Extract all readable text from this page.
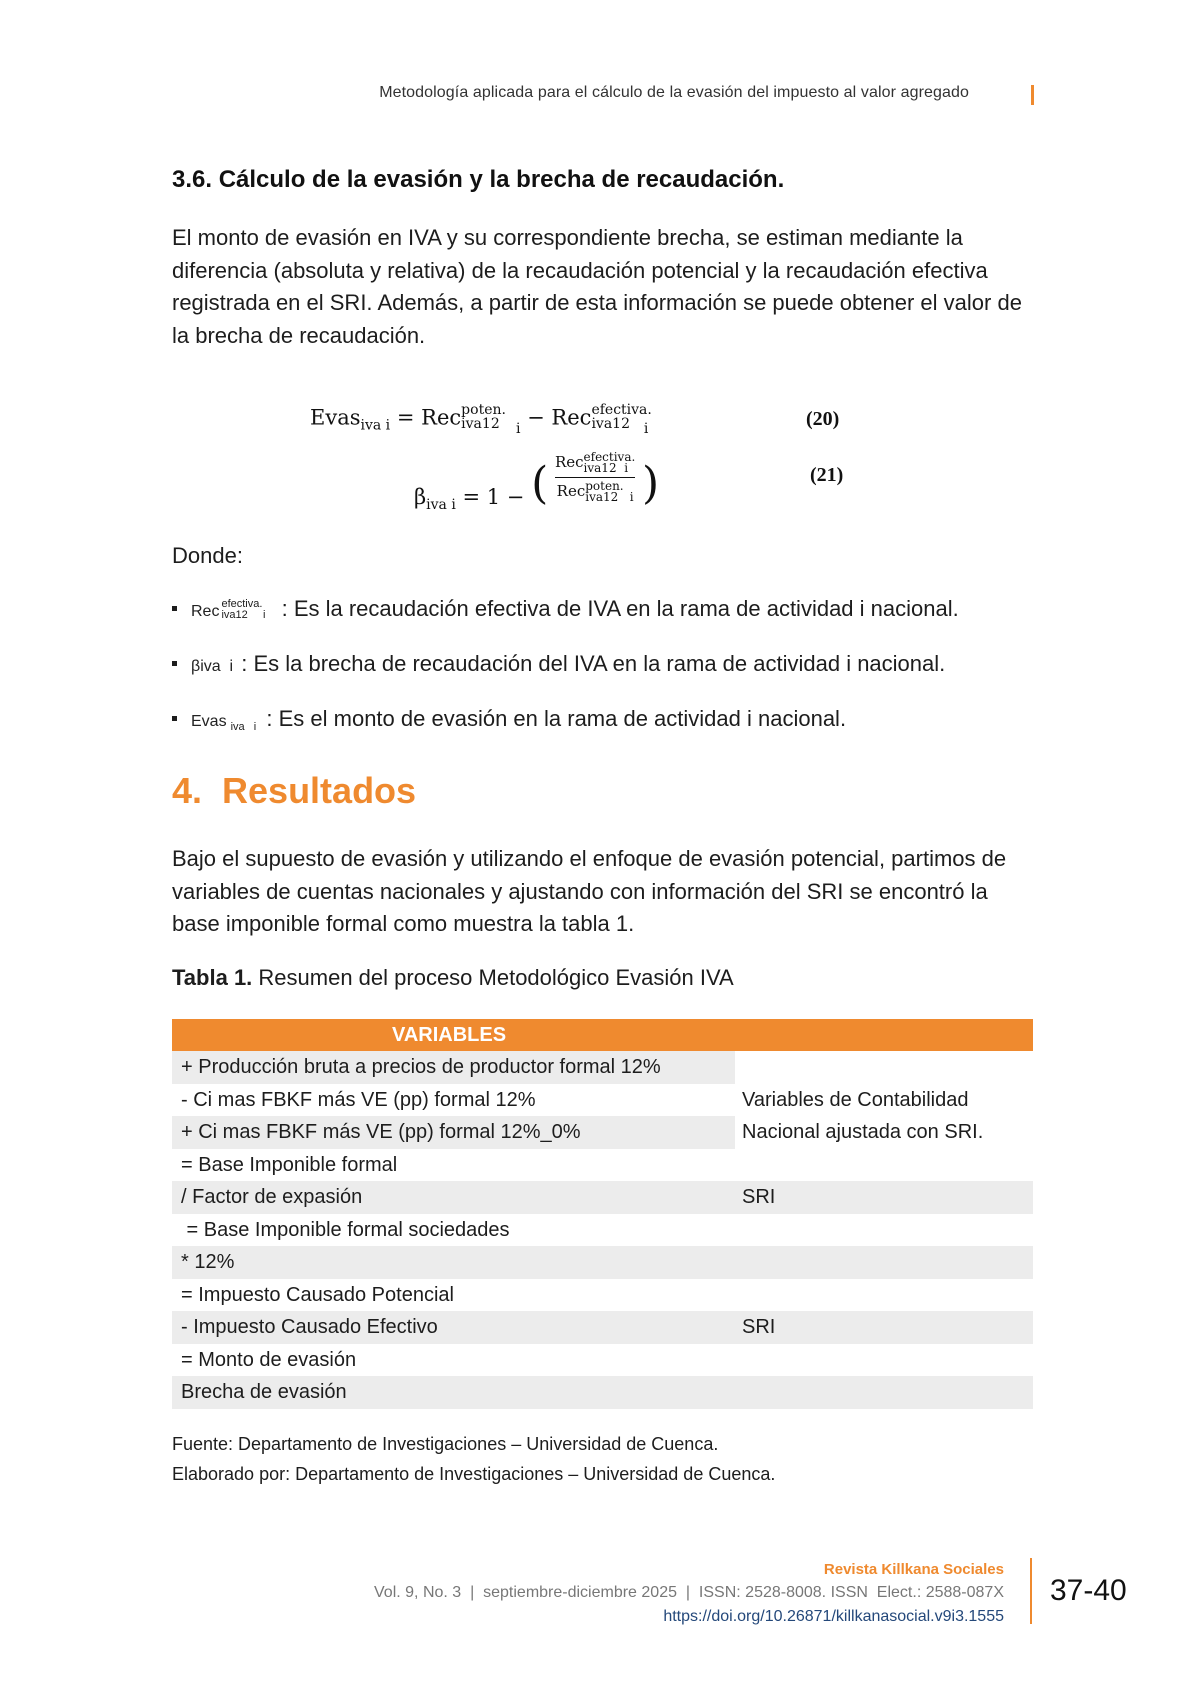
Metodología aplicada para el cálculo de la evasión del impuesto al valor agregado
3.6. Cálculo de la evasión y la brecha de recaudación.
El monto de evasión en IVA y su correspondiente brecha, se estiman mediante la diferencia (absoluta y relativa) de la recaudación potencial y la recaudación efectiva registrada en el SRI. Además, a partir de esta información se puede obtener el valor de la brecha de recaudación.
Evas$_{iva i}$ = Rec poten.
iva12	$_i$ − Rec efectiva.
iva12 $_i$	(20)
$\beta_{iva i} = 1$ − ( Rec efectiva.
iva12 i
Rec poten.
iva12 i )	(21)
Donde:
Rec efectiva.
iva12     i : Es la recaudación efectiva de IVA en la rama de actividad i nacional.
βiva  i : Es la brecha de recaudación del IVA en la rama de actividad i nacional.
Evas iva   i : Es el monto de evasión en la rama de actividad i nacional.
4.  Resultados
Bajo el supuesto de evasión y utilizando el enfoque de evasión potencial, partimos de variables de cuentas nacionales y ajustando con información del SRI se encontró la base imponible formal como muestra la tabla 1.
Tabla 1. Resumen del proceso Metodológico Evasión IVA
VARIABLES
+ Producción bruta a precios de productor formal 12%
- Ci mas FBKF más VE (pp) formal 12%	Variables de Contabilidad
+ Ci mas FBKF más VE (pp) formal 12%_0%	Nacional ajustada con SRI.
= Base Imponible formal
/ Factor de expasión	SRI
= Base Imponible formal sociedades
* 12%
= Impuesto Causado Potencial
- Impuesto Causado Efectivo	SRI
= Monto de evasión
Brecha de evasión
Fuente: Departamento de Investigaciones – Universidad de Cuenca.
Elaborado por: Departamento de Investigaciones – Universidad de Cuenca.
Revista Killkana Sociales
Vol. 9, No. 3  |  septiembre-diciembre 2025  |  ISSN: 2528-8008. ISSN  Elect.: 2588-087X
https://doi.org/10.26871/killkanasocial.v9i3.1555
37-40
